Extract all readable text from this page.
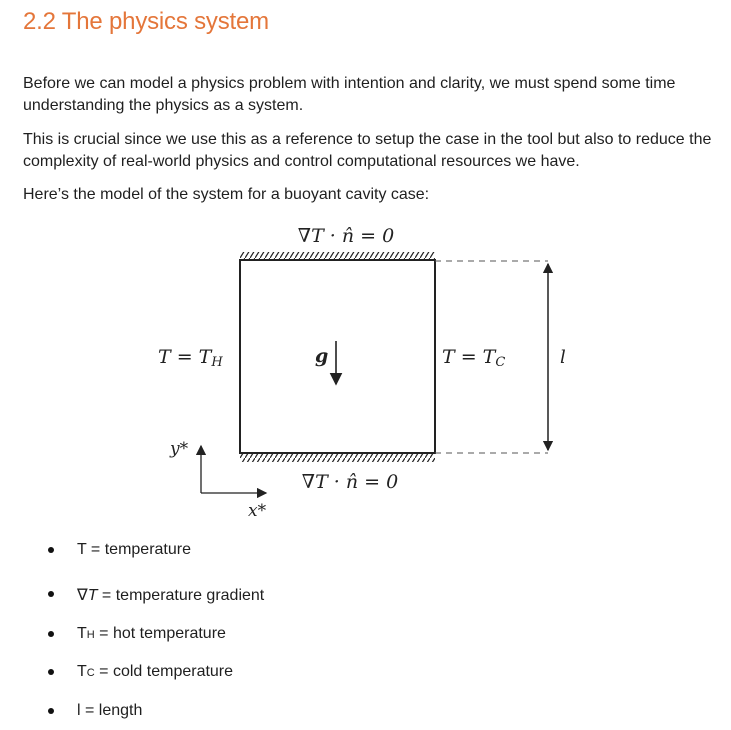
2.2 The physics system

Before we can model a physics problem with intention and clarity, we must spend some time understanding the physics as a system.

This is crucial since we use this as a reference to setup the case in the tool but also to reduce the complexity of real-world physics and control computational resources we have.

Here’s the model of the system for a buoyant cavity case:

∇T · n̂ = 0
l
T = TH	T = TC
g
∇T · n̂ = 0
y*
x*
T = temperature
∇T = temperature gradient
TH = hot temperature
TC = cold temperature
l = length
